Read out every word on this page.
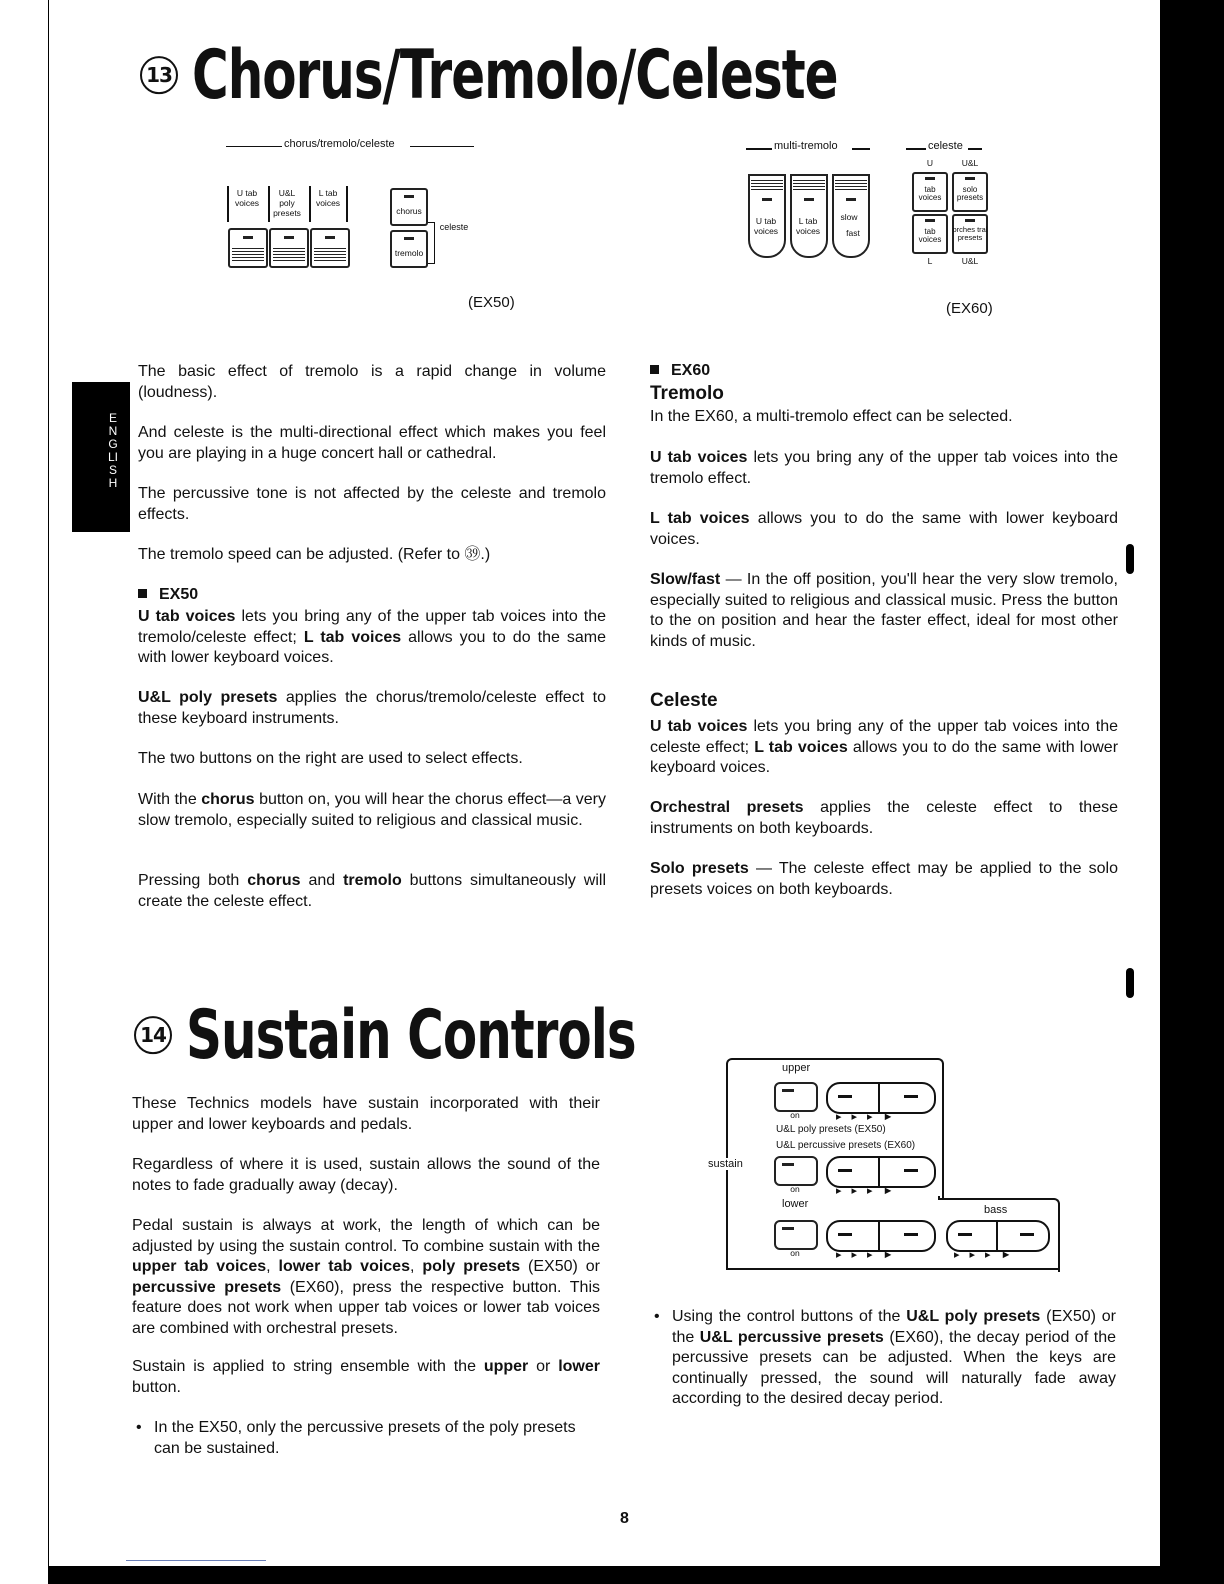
ENGLISH
13 Chorus/Tremolo/Celeste
chorus/tremolo/celeste
U tab voices
U&L poly presets
L tab voices
chorus
tremolo
celeste
(EX50)
multi-tremolo	celeste
U	U&L
U tab voices
L tab voices
slow
fast
tab voices
solo presets
tab voices
orches tral presets
L	U&L
(EX60)
The basic effect of tremolo is a rapid change in volume (loudness).
And celeste is the multi-directional effect which makes you feel you are playing in a huge concert hall or cathedral.
The percussive tone is not affected by the celeste and tremolo effects.
The tremolo speed can be adjusted. (Refer to ㊴.)
EX50
U tab voices lets you bring any of the upper tab voices into the tremolo/celeste effect; L tab voices allows you to do the same with lower keyboard voices.
U&L poly presets applies the chorus/tremolo/celeste effect to these keyboard instruments.
The two buttons on the right are used to select effects.
With the chorus button on, you will hear the chorus effect—a very slow tremolo, especially suited to religious and classical music.
Pressing both chorus and tremolo buttons simultaneously will create the celeste effect.
EX60
Tremolo
In the EX60, a multi-tremolo effect can be selected.
U tab voices lets you bring any of the upper tab voices into the tremolo effect.
L tab voices allows you to do the same with lower keyboard voices.
Slow/fast — In the off position, you'll hear the very slow tremolo, especially suited to religious and classical music. Press the button to the on position and hear the faster effect, ideal for most other kinds of music.
Celeste
U tab voices lets you bring any of the upper tab voices into the celeste effect; L tab voices allows you to do the same with lower keyboard voices.
Orchestral presets applies the celeste effect to these instruments on both keyboards.
Solo presets — The celeste effect may be applied to the solo presets voices on both keyboards.
14 Sustain Controls
These Technics models have sustain incorporated with their upper and lower keyboards and pedals.
Regardless of where it is used, sustain allows the sound of the notes to fade gradually away (decay).
Pedal sustain is always at work, the length of which can be adjusted by using the sustain control. To combine sustain with the upper tab voices, lower tab voices, poly presets (EX50) or percussive presets (EX60), press the respective button. This feature does not work when upper tab voices or lower tab voices are combined with orchestral presets.
Sustain is applied to string ensemble with the upper or lower button.
• In the EX50, only the percussive presets of the poly presets can be sustained.
upper
on	▸▸▸►
U&L poly presets (EX50)
U&L percussive presets (EX60)
sustain
on	▸▸▸►
lower
on	▸▸▸►
bass
▸▸▸►
• Using the control buttons of the U&L poly presets (EX50) or the U&L percussive presets (EX60), the decay period of the percussive presets can be adjusted. When the keys are continually pressed, the sound will naturally fade away according to the desired decay period.
8
